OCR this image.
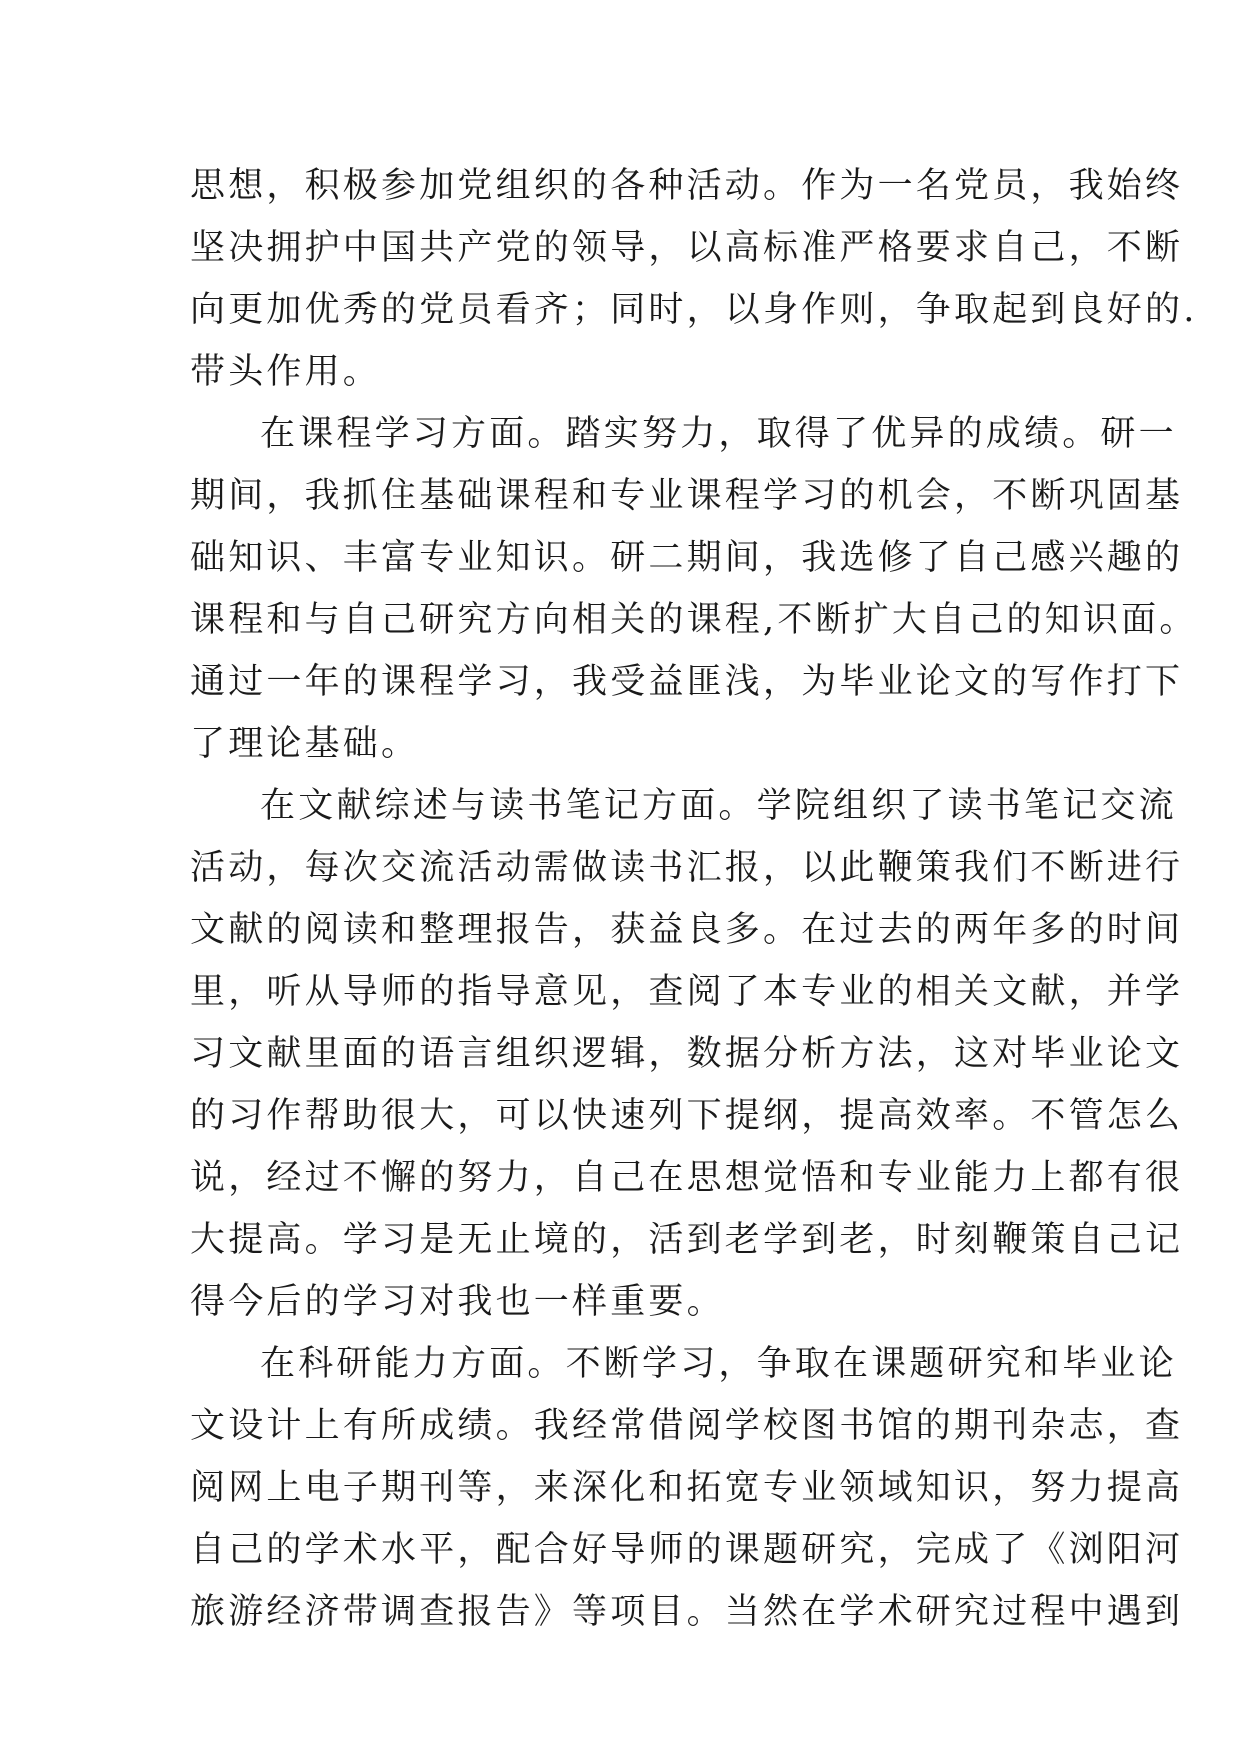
思想，积极参加党组织的各种活动。作为一名党员，我始终
坚决拥护中国共产党的领导，以高标准严格要求自己，不断
向更加优秀的党员看齐；同时，以身作则，争取起到良好的.
带头作用。
在课程学习方面。踏实努力，取得了优异的成绩。研一
期间，我抓住基础课程和专业课程学习的机会，不断巩固基
础知识、丰富专业知识。研二期间，我选修了自己感兴趣的
课程和与自己研究方向相关的课程,不断扩大自己的知识面。
通过一年的课程学习，我受益匪浅，为毕业论文的写作打下
了理论基础。
在文献综述与读书笔记方面。学院组织了读书笔记交流
活动，每次交流活动需做读书汇报，以此鞭策我们不断进行
文献的阅读和整理报告，获益良多。在过去的两年多的时间
里，听从导师的指导意见，查阅了本专业的相关文献，并学
习文献里面的语言组织逻辑，数据分析方法，这对毕业论文
的习作帮助很大，可以快速列下提纲，提高效率。不管怎么
说，经过不懈的努力，自己在思想觉悟和专业能力上都有很
大提高。学习是无止境的，活到老学到老，时刻鞭策自己记
得今后的学习对我也一样重要。
在科研能力方面。不断学习，争取在课题研究和毕业论
文设计上有所成绩。我经常借阅学校图书馆的期刊杂志，查
阅网上电子期刊等，来深化和拓宽专业领域知识，努力提高
自己的学术水平，配合好导师的课题研究，完成了《浏阳河
旅游经济带调查报告》等项目。当然在学术研究过程中遇到
